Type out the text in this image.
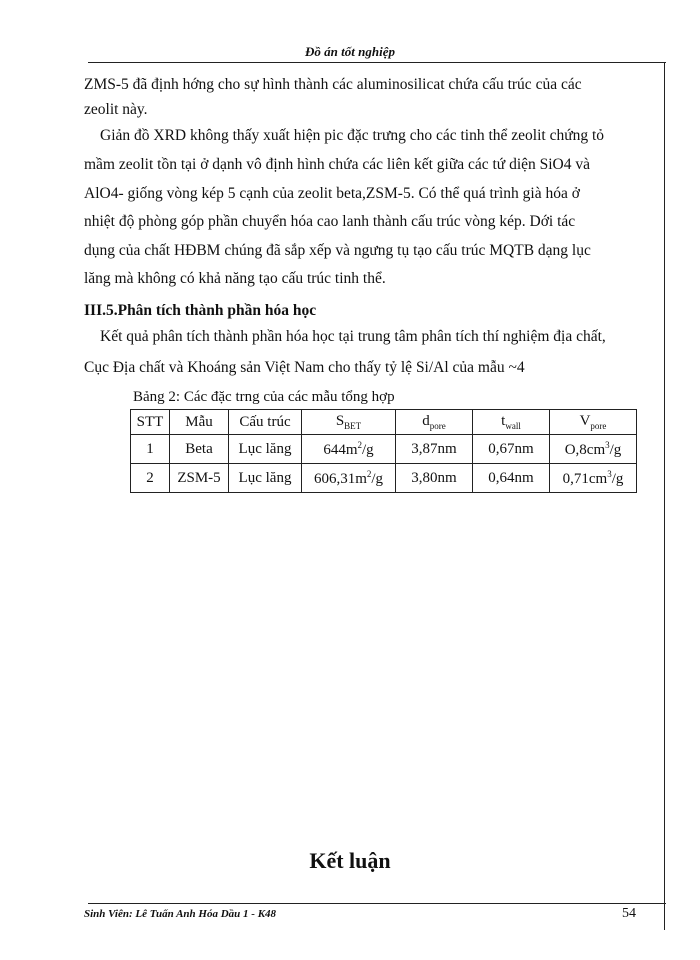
Đồ án tốt nghiệp
ZMS-5 đã định hớng cho sự hình thành các aluminosilicat chứa cấu trúc của các
zeolit này.
Giản đồ XRD không thấy xuất hiện pic đặc trưng cho các tinh thể zeolit chứng tỏ
mầm zeolit tồn tại ở dạnh vô định hình chứa các liên kết giữa các tứ diện SiO4 và
AlO4- giống vòng kép 5 cạnh của zeolit beta,ZSM-5. Có thể quá trình già hóa ở
nhiệt độ phòng góp phần chuyển hóa cao lanh thành cấu trúc vòng kép. Dới tác
dụng của chất HĐBM chúng đã sắp xếp và ngưng tụ tạo cấu trúc MQTB dạng lục
lăng mà không có khả năng tạo cấu trúc tinh thể.
III.5.Phân tích thành phần hóa học
Kết quả phân tích thành phần hóa học tại trung tâm phân tích thí nghiệm địa chất,
Cục Địa chất và Khoáng sản Việt Nam cho thấy tỷ lệ Si/Al của mẫu ~4
Bảng 2: Các đặc trng của các mẫu tổng hợp
STT	Mẫu	Cấu trúc	$S_{BET}$	$d_{pore}$	$t_{wall}$	$V_{pore}$
1	Beta	Lục lăng	$644m^2/g$	3,87nm	0,67nm	$O,8cm^3/g$
2	ZSM-5	Lục lăng	$606,31m^2/g$	3,80nm	0,64nm	$0,71cm^3/g$
Kết luận
Sinh Viên: Lê Tuấn Anh Hóa Dầu 1 - K48	54
